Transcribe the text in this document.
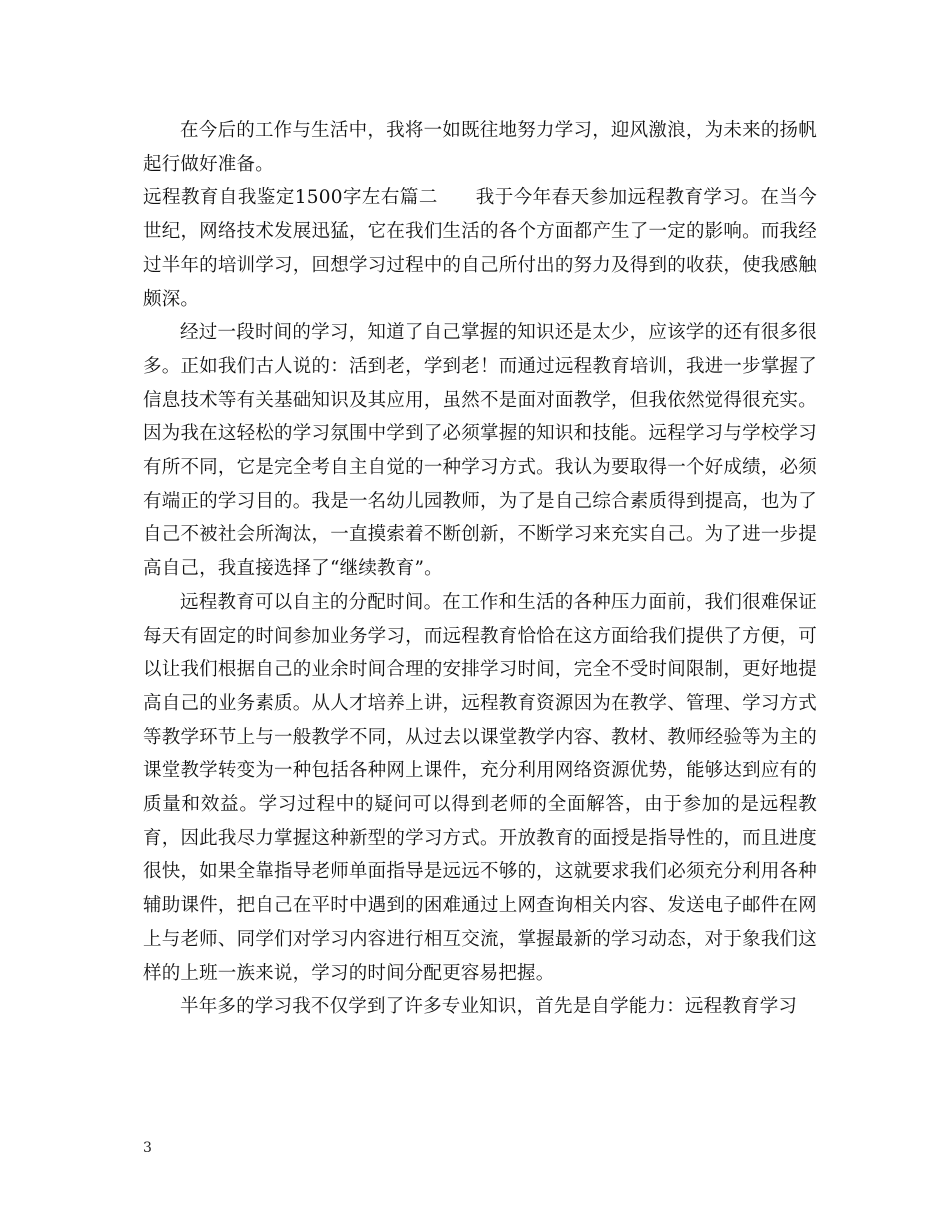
在今后的工作与生活中，我将一如既往地努力学习，迎风激浪，为未来的扬帆起行做好准备。

远程教育自我鉴定1500字左右篇二　　我于今年春天参加远程教育学习。在当今世纪，网络技术发展迅猛，它在我们生活的各个方面都产生了一定的影响。而我经过半年的培训学习，回想学习过程中的自己所付出的努力及得到的收获，使我感触颇深。

经过一段时间的学习，知道了自己掌握的知识还是太少，应该学的还有很多很多。正如我们古人说的：活到老，学到老！而通过远程教育培训，我进一步掌握了信息技术等有关基础知识及其应用，虽然不是面对面教学，但我依然觉得很充实。因为我在这轻松的学习氛围中学到了必须掌握的知识和技能。远程学习与学校学习有所不同，它是完全考自主自觉的一种学习方式。我认为要取得一个好成绩，必须有端正的学习目的。我是一名幼儿园教师，为了是自己综合素质得到提高，也为了自己不被社会所淘汰，一直摸索着不断创新，不断学习来充实自己。为了进一步提高自己，我直接选择了“继续教育”。

远程教育可以自主的分配时间。在工作和生活的各种压力面前，我们很难保证每天有固定的时间参加业务学习，而远程教育恰恰在这方面给我们提供了方便，可以让我们根据自己的业余时间合理的安排学习时间，完全不受时间限制，更好地提高自己的业务素质。从人才培养上讲，远程教育资源因为在教学、管理、学习方式等教学环节上与一般教学不同，从过去以课堂教学内容、教材、教师经验等为主的课堂教学转变为一种包括各种网上课件，充分利用网络资源优势，能够达到应有的质量和效益。学习过程中的疑问可以得到老师的全面解答，由于参加的是远程教育，因此我尽力掌握这种新型的学习方式。开放教育的面授是指导性的，而且进度很快，如果全靠指导老师单面指导是远远不够的，这就要求我们必须充分利用各种辅助课件，把自己在平时中遇到的困难通过上网查询相关内容、发送电子邮件在网上与老师、同学们对学习内容进行相互交流，掌握最新的学习动态，对于象我们这样的上班一族来说，学习的时间分配更容易把握。

半年多的学习我不仅学到了许多专业知识，首先是自学能力：远程教育学习

3
